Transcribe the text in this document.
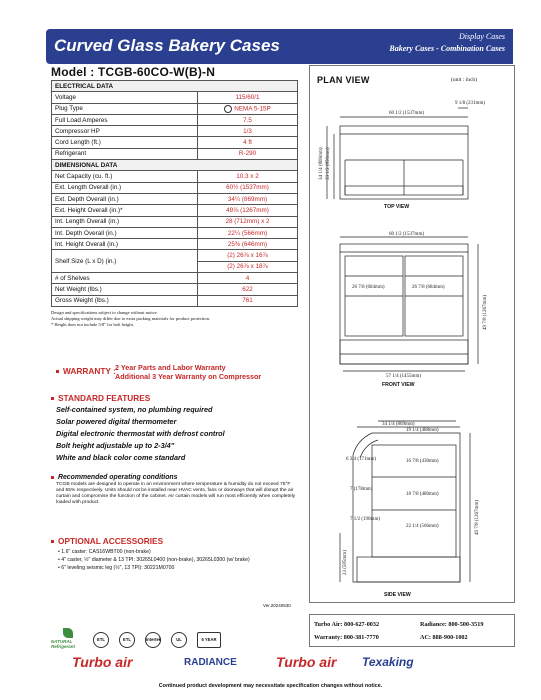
Curved Glass Bakery Cases	Display Cases
Bakery Cases - Combination Cases
Model : TCGB-60CO-W(B)-N
ELECTRICAL DATA	
Voltage	115/60/1
Plug Type	NEMA 5-15P
Full Load Amperes	7.5
Compressor HP	1/3
Cord Length (ft.)	4 ft
Refrigerant	R-290
DIMENSIONAL DATA	
Net Capacity (cu. ft.)	10.3 x 2
Ext. Length Overall (in.)	60½ (1537mm)
Ext. Depth Overall (in.)	34¼ (869mm)
Ext. Height Overall (in.)*	49⅞ (1267mm)
Int. Length Overall (in.)	28 (712mm) x 2
Int. Depth Overall (in.)	22¼ (566mm)
Int. Height Overall (in.)	25⅜ (646mm)
Shelf Size (L x D) (in.)	(2) 26⅞ x 16⅞
	(2) 26⅞ x 18⅞
# of Shelves	4
Net Weight (lbs.)	622
Gross Weight (lbs.)	761
Design and specifications subject to change without notice.
Actual shipping weight may differ due to extra packing materials for product protection.
* Height does not include 5/8" for bolt height.
WARRANTY : 2 Year Parts and Labor Warranty
Additional 3 Year Warranty on Compressor
STANDARD FEATURES
Self-contained system, no plumbing required
Solar powered digital thermometer
Digital electronic thermostat with defrost control
Bolt height adjustable up to 2-3/4"
White and black color come standard
Recommended operating conditions
TCGB models are designed to operate in an environment where temperature & humidity do not exceed 75°F and 55% respectively. Units should not be installed near HVAC vents, fans or doorways that will disrupt the air curtain and compromise the function of the cabinet. Air curtain models will run most efficiently when completely loaded with product.
OPTIONAL ACCESSORIES
• 1.6" caster: CAS16WBT00 (non-brake)
• 4" caster, ½" diameter & 13 TPI: 30265L0400 (non-brake), 30265L0300 (w/ brake)
• 6" leveling seismic leg (½", 13 TPI): 30221M0700
Ver.20240530
NATURAL Refrigerant
ETL	ETL	Intertek	UL	5 YEAR
PLAN VIEW	(unit : inch)
60 1/2 (1537mm)
9 1/8 (231mm)
34 1/4 (869mm) 33 1/2 (850mm)
60 1/2 (1537mm)
26 7/8 (684mm)	26 7/8 (684mm)
49 7/8 (1267mm)
57 1/4 (1455mm)
34 1/4 (869mm)
19 1/4 (488mm)
6 3/4 (171mm)	16 7/8 (430mm)
7 (178mm)
18 7/8 (480mm)
7 1/2 (190mm)
22 1/4 (566mm)	49 7/8 (1267mm)
23 (585mm)
TOP VIEW
FRONT VIEW
SIDE VIEW
Turbo Air: 800-627-0032	Radiance: 800-500-3519
Warranty: 800-381-7770	AC: 888-900-1002
Turbo air	RADIANCE	Turbo air Texaking
Continued product development may necessitate specification changes without notice.
